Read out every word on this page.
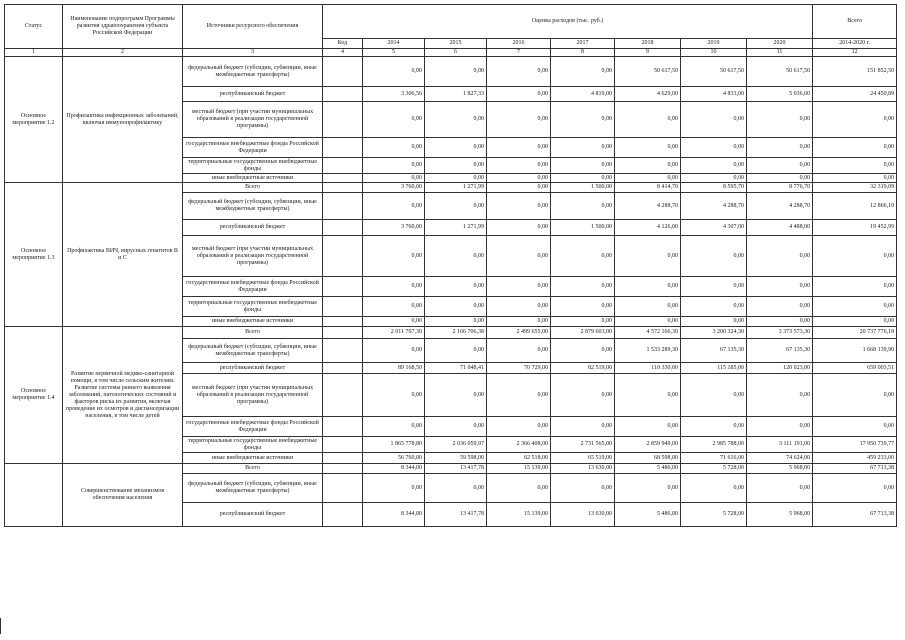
Статус	Наименование подпрограмм Программы развития здравоохранения субъекта Российской Федерации	Источники ресурсного обеспечения	Оценка расходов (тыс. руб.)								Всего
			Код	2014	2015	2016	2017	2018	2019	2020	2014-2020 г.
1	2	3	4	5	6	7	8	9	10	11	12
Основное мероприятие 1.2	Профилактика инфекционных заболеваний, включая иммунопрофилактику	федеральный бюджет (субсидии, субвенции, иные межбюджетные трансферты)		0,00	0,00	0,00	0,00	50 617,50	50 617,50	50 617,50	151 852,50
		республиканский бюджет		3 306,56	1 827,33	0,00	4 819,00	4 629,00	4 833,00	5 036,00	24 450,89
		местный бюджет (при участии муниципальных образований в реализации государственной программы)		0,00	0,00	0,00	0,00	0,00	0,00	0,00	0,00
		государственные внебюджетные фонды Российской Федерации		0,00	0,00	0,00	0,00	0,00	0,00	0,00	0,00
		территориальные государственные внебюджетные фонды		0,00	0,00	0,00	0,00	0,00	0,00	0,00	0,00
		иные внебюджетные источники		0,00	0,00	0,00	0,00	0,00	0,00	0,00	0,00
Основное мероприятие 1.3	Профилактика ВИЧ, вирусных гепатитов В и С	Всего		3 760,00	1 271,99	0,00	1 500,00	8 414,70	8 595,70	8 776,70	32 319,09
		федеральный бюджет (субсидии, субвенции, иные межбюджетные трансферты)		0,00	0,00	0,00	0,00	4 288,70	4 288,70	4 288,70	12 866,10
		республиканский бюджет		3 760,00	1 271,99	0,00	1 500,00	4 126,00	4 307,00	4 488,00	19 452,99
		местный бюджет (при участии муниципальных образований в реализации государственной программы)		0,00	0,00	0,00	0,00	0,00	0,00	0,00	0,00
		государственные внебюджетные фонды Российской Федерации		0,00	0,00	0,00	0,00	0,00	0,00	0,00	0,00
		территориальные государственные внебюджетные фонды		0,00	0,00	0,00	0,00	0,00	0,00	0,00	0,00
		иные внебюджетные источники		0,00	0,00	0,00	0,00	0,00	0,00	0,00	0,00
Основное мероприятие 1.4	Развитие первичной медико-санитарной помощи, в том числе сельским жителям. Развитие системы раннего выявления заболеваний, патологических состояний и факторов риска их развития, включая проведение их осмотров и диспансеризации населения, в том числе детей	Всего		2 011 707,30	2 166 706,38	2 499 655,00	2 879 603,00	4 572 166,30	3 200 324,30	3 373 573,30	20 737 776,18
		федеральный бюджет (субсидии, субвенции, иные межбюджетные трансферты)		0,00	0,00	0,00	0,00	1 533 289,30	67 135,30	67 135,30	1 668 139,90
		республиканский бюджет		89 168,50	71 048,41	70 729,00	82 519,00	110 330,00	115 185,00	120 023,00	659 003,51
		местный бюджет (при участии муниципальных образований в реализации государственной программы)		0,00	0,00	0,00	0,00	0,00	0,00	0,00	0,00
		государственные внебюджетные фонды Российской Федерации		0,00	0,00	0,00	0,00	0,00	0,00	0,00	0,00
		территориальные государственные внебюджетные фонды		1 865 778,80	2 036 059,97	2 366 408,00	2 731 565,00	2 859 949,00	2 985 788,00	3 111 191,00	17 950 739,77
		иные внебюджетные источники		56 760,00	59 598,00	62 518,00	65 519,00	68 598,00	71 616,00	74 624,00	459 233,00
	Совершенствование механизмов обеспечения населения	Всего		8 344,00	13 417,78	15 139,00	13 630,00	5 486,00	5 728,00	5 968,00	67 713,38
		федеральный бюджет (субсидии, субвенции, иные межбюджетные трансферты)		0,00	0,00	0,00	0,00	0,00	0,00	0,00	0,00
		республиканский бюджет		8 344,00	13 417,78	15 139,00	13 630,00	5 486,00	5 728,00	5 968,00	67 713,38
